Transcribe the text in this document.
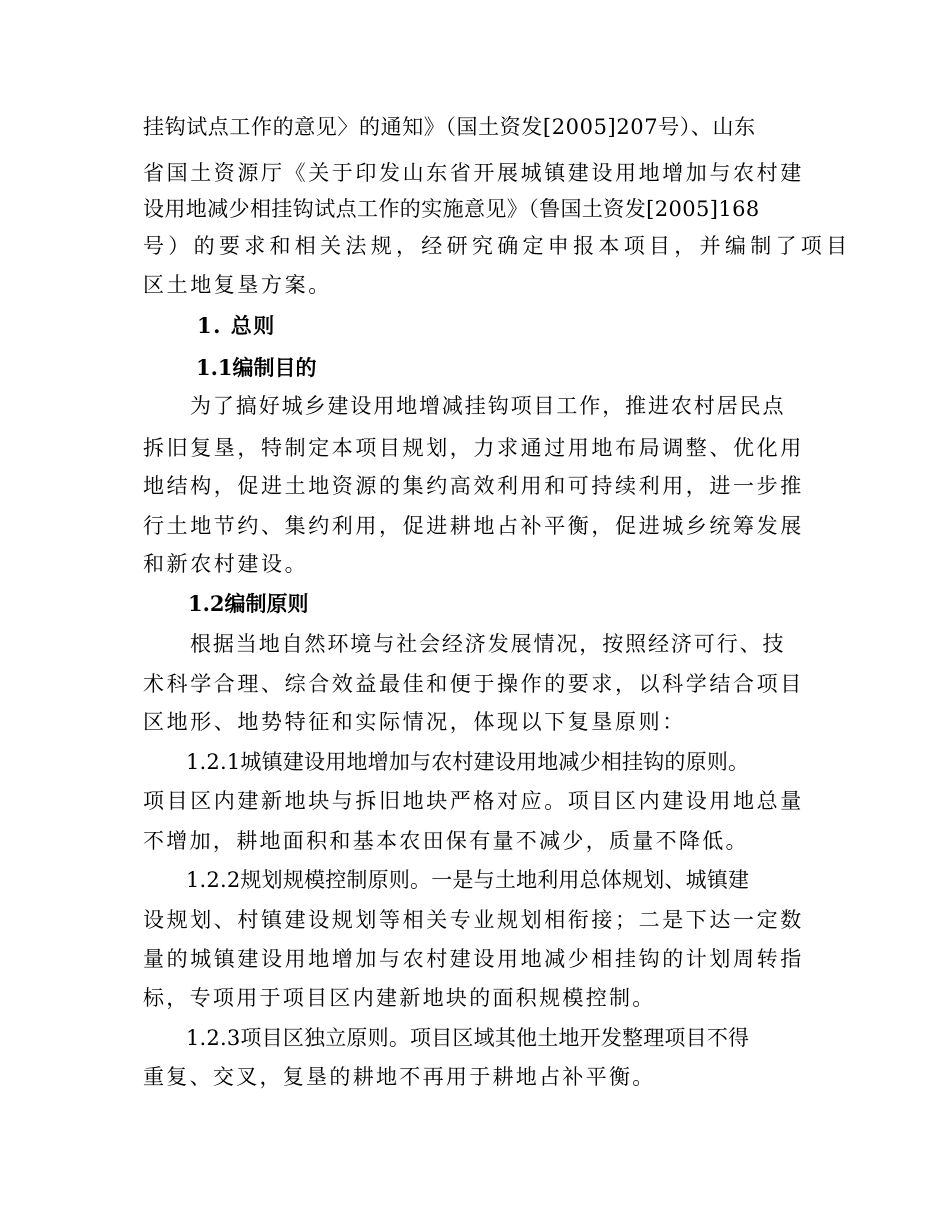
挂钩试点工作的意见〉的通知》（国土资发[2005]207号）、山东

省国土资源厅《关于印发山东省开展城镇建设用地增加与农村建

设用地减少相挂钩试点工作的实施意见》（鲁国土资发[2005]168

号）的要求和相关法规，经研究确定申报本项目，并编制了项目

区土地复垦方案。

1. 总则

1.1编制目的

为了搞好城乡建设用地增减挂钩项目工作，推进农村居民点

拆旧复垦，特制定本项目规划，力求通过用地布局调整、优化用

地结构，促进土地资源的集约高效利用和可持续利用，进一步推

行土地节约、集约利用，促进耕地占补平衡，促进城乡统筹发展

和新农村建设。

1.2编制原则

根据当地自然环境与社会经济发展情况，按照经济可行、技

术科学合理、综合效益最佳和便于操作的要求，以科学结合项目

区地形、地势特征和实际情况，体现以下复垦原则：

1.2.1城镇建设用地增加与农村建设用地减少相挂钩的原则。

项目区内建新地块与拆旧地块严格对应。项目区内建设用地总量

不增加，耕地面积和基本农田保有量不减少，质量不降低。

1.2.2规划规模控制原则。一是与土地利用总体规划、城镇建

设规划、村镇建设规划等相关专业规划相衔接；二是下达一定数

量的城镇建设用地增加与农村建设用地减少相挂钩的计划周转指

标，专项用于项目区内建新地块的面积规模控制。

1.2.3项目区独立原则。项目区域其他土地开发整理项目不得

重复、交叉，复垦的耕地不再用于耕地占补平衡。
